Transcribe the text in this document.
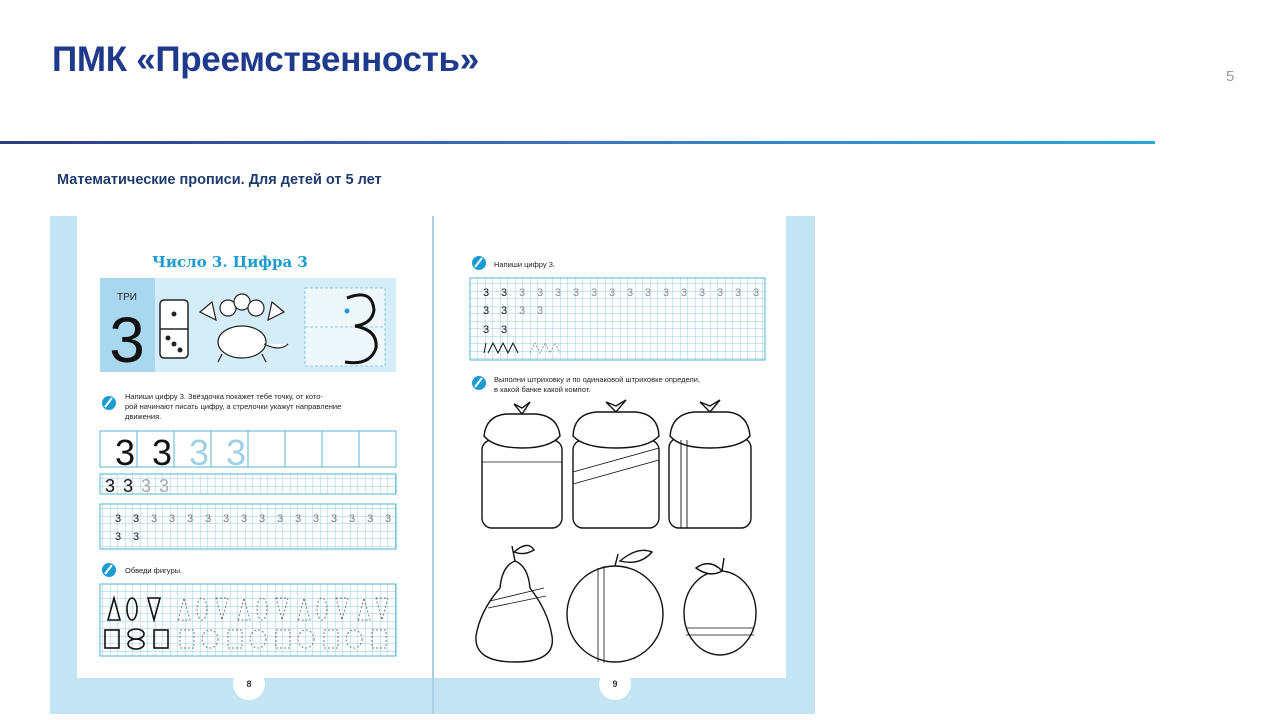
ПМК «Преемственность»	5
Математические прописи. Для детей от 5 лет
Число 3. Цифра 3
ТРИ
3
Напиши цифру 3. Звёздочка покажет тебе точку, от кото-
рой начинают писать цифру, а стрелочки укажут направление
движения.
3 3 3 3
3 3 3 3
3 3 3 3 3 3 3 3 3 3 3 3 3 3 3 3
3 3
Обведи фигуры.
8
Напиши цифру 3.
3 3 3 3 3 3 3 3 3 3 3 3 3 3 3 3
3 3 3 3
3 3
Выполни штриховку и по одинаковой штриховке определи,
в какой банке какой компот.
9
